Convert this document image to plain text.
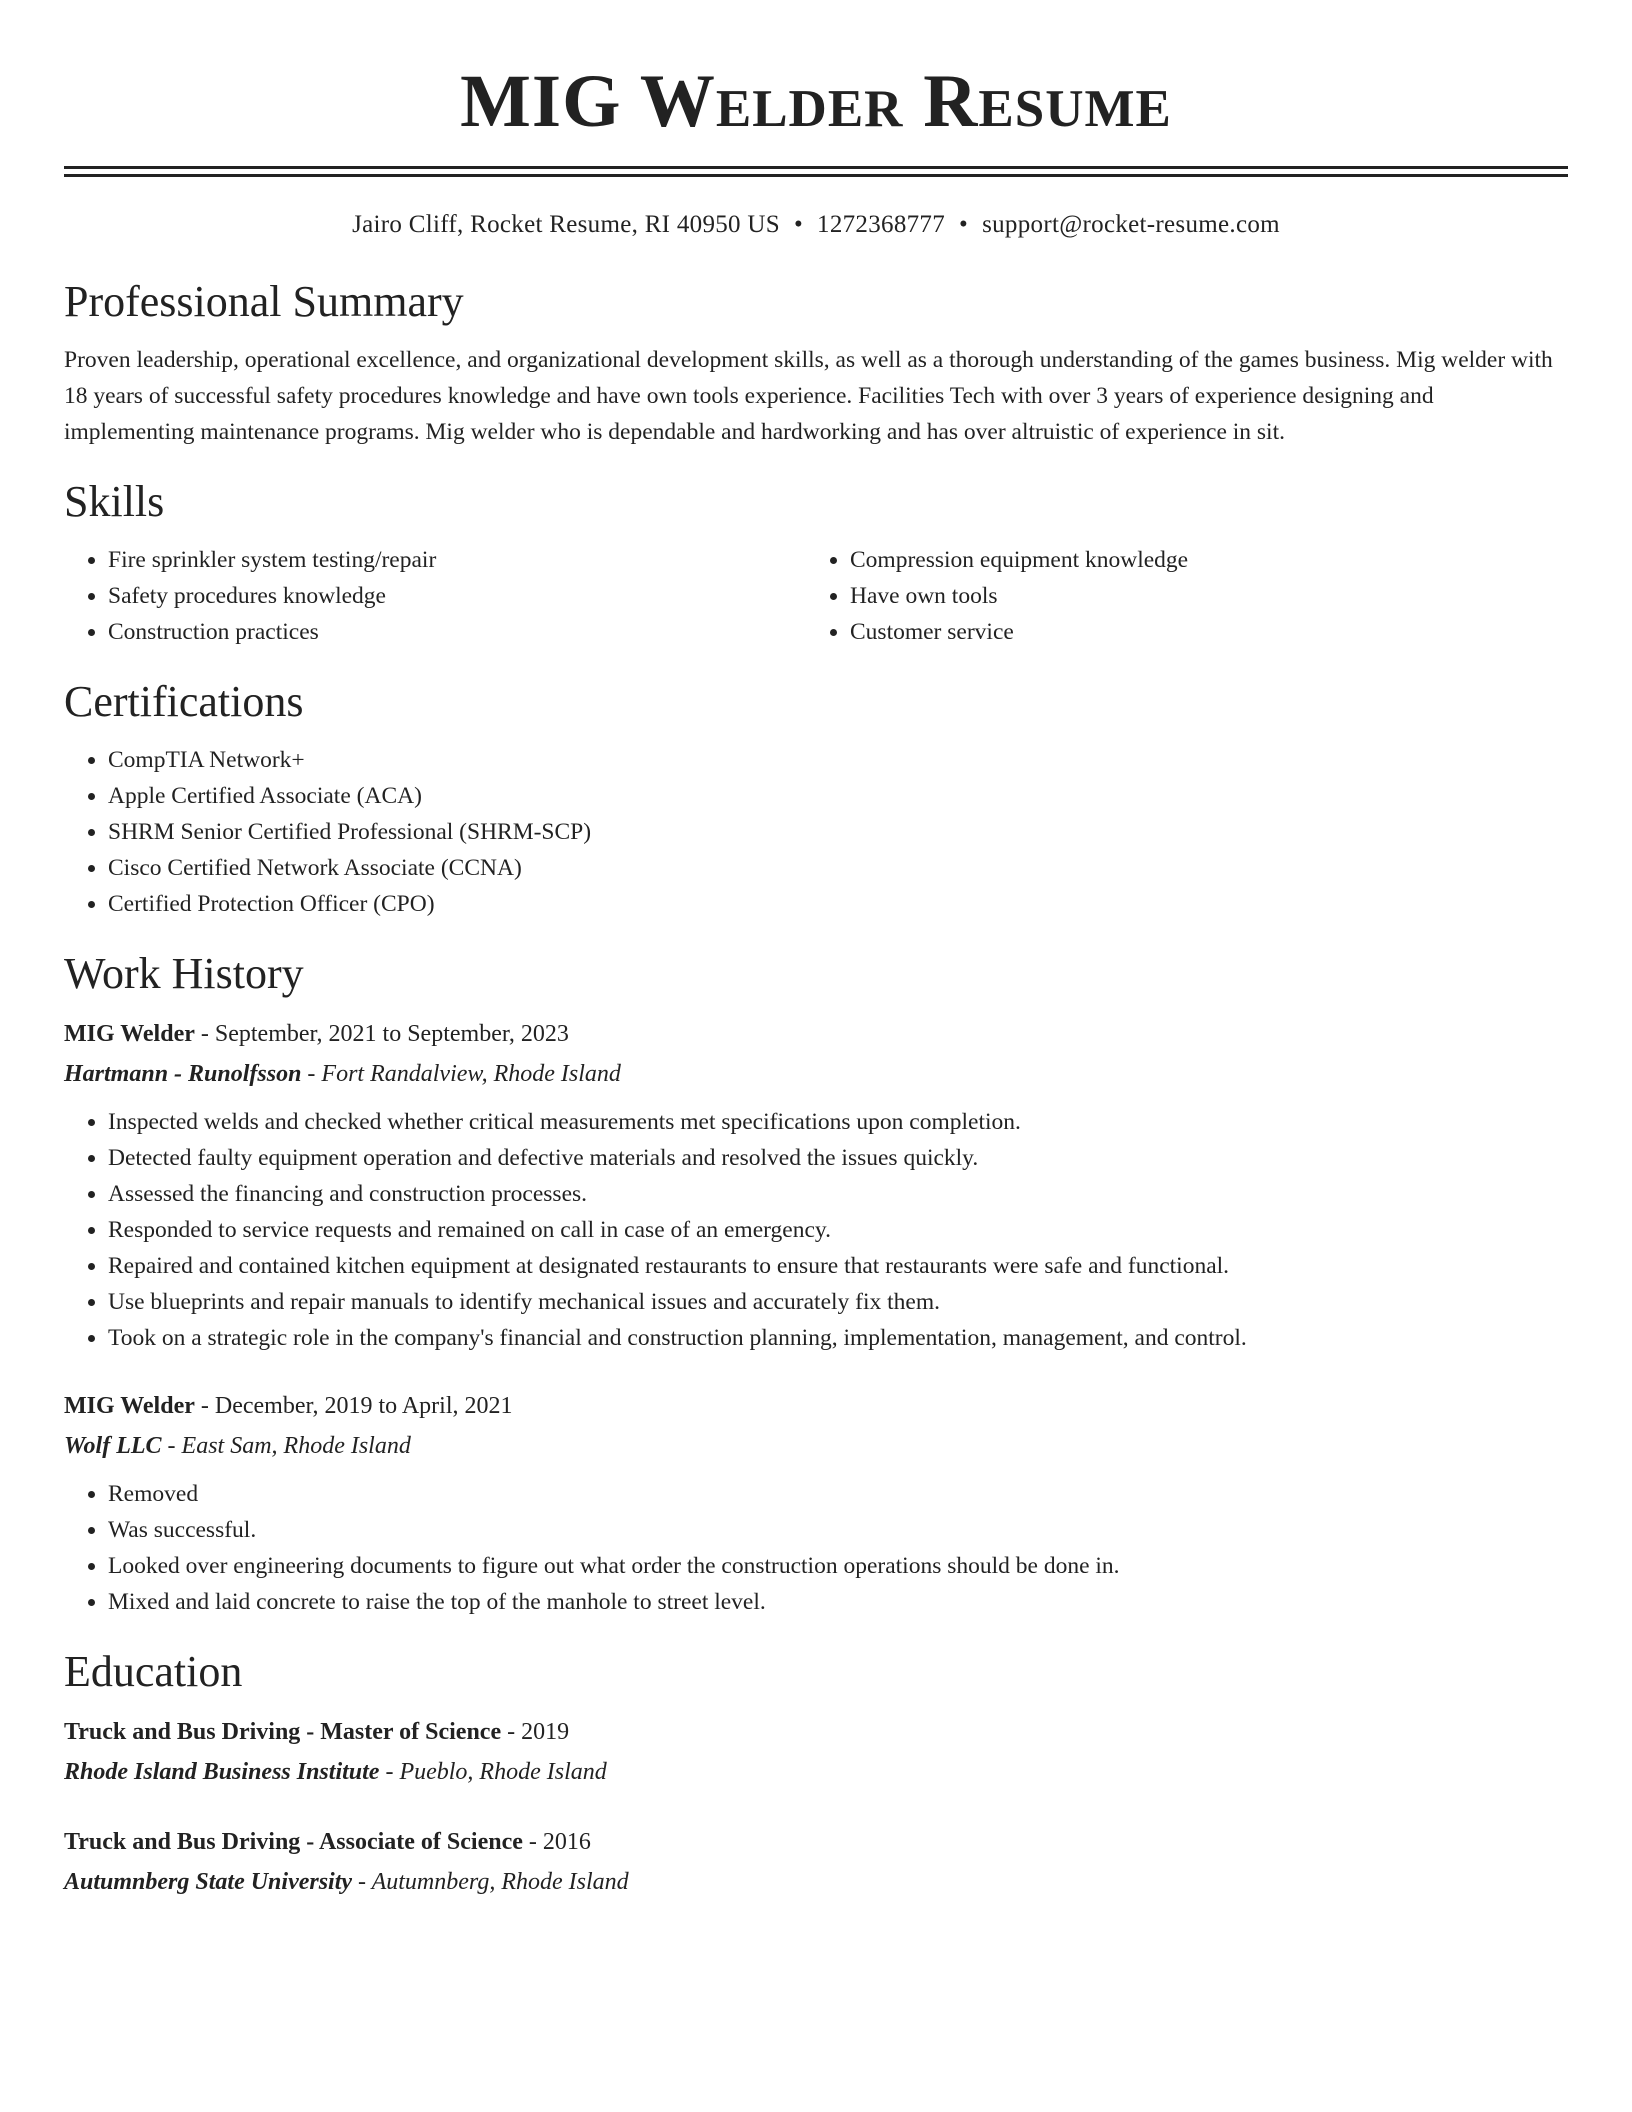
MIG Welder Resume
Jairo Cliff, Rocket Resume, RI 40950 US • 1272368777 • support@rocket-resume.com
Professional Summary

Proven leadership, operational excellence, and organizational development skills, as well as a thorough understanding of the games business. Mig welder with 18 years of successful safety procedures knowledge and have own tools experience. Facilities Tech with over 3 years of experience designing and implementing maintenance programs. Mig welder who is dependable and hardworking and has over altruistic of experience in sit.

Skills
• Fire sprinkler system testing/repair
• Safety procedures knowledge
• Construction practices
• Compression equipment knowledge
• Have own tools
• Customer service
Certifications
• CompTIA Network+
• Apple Certified Associate (ACA)
• SHRM Senior Certified Professional (SHRM-SCP)
• Cisco Certified Network Associate (CCNA)
• Certified Protection Officer (CPO)
Work History
MIG Welder - September, 2021 to September, 2023
Hartmann - Runolfsson - Fort Randalview, Rhode Island
• Inspected welds and checked whether critical measurements met specifications upon completion.
• Detected faulty equipment operation and defective materials and resolved the issues quickly.
• Assessed the financing and construction processes.
• Responded to service requests and remained on call in case of an emergency.
• Repaired and contained kitchen equipment at designated restaurants to ensure that restaurants were safe and functional.
• Use blueprints and repair manuals to identify mechanical issues and accurately fix them.
• Took on a strategic role in the company's financial and construction planning, implementation, management, and control.
MIG Welder - December, 2019 to April, 2021
Wolf LLC - East Sam, Rhode Island
• Removed
• Was successful.
• Looked over engineering documents to figure out what order the construction operations should be done in.
• Mixed and laid concrete to raise the top of the manhole to street level.
Education
Truck and Bus Driving - Master of Science - 2019
Rhode Island Business Institute - Pueblo, Rhode Island
Truck and Bus Driving - Associate of Science - 2016
Autumnberg State University - Autumnberg, Rhode Island
